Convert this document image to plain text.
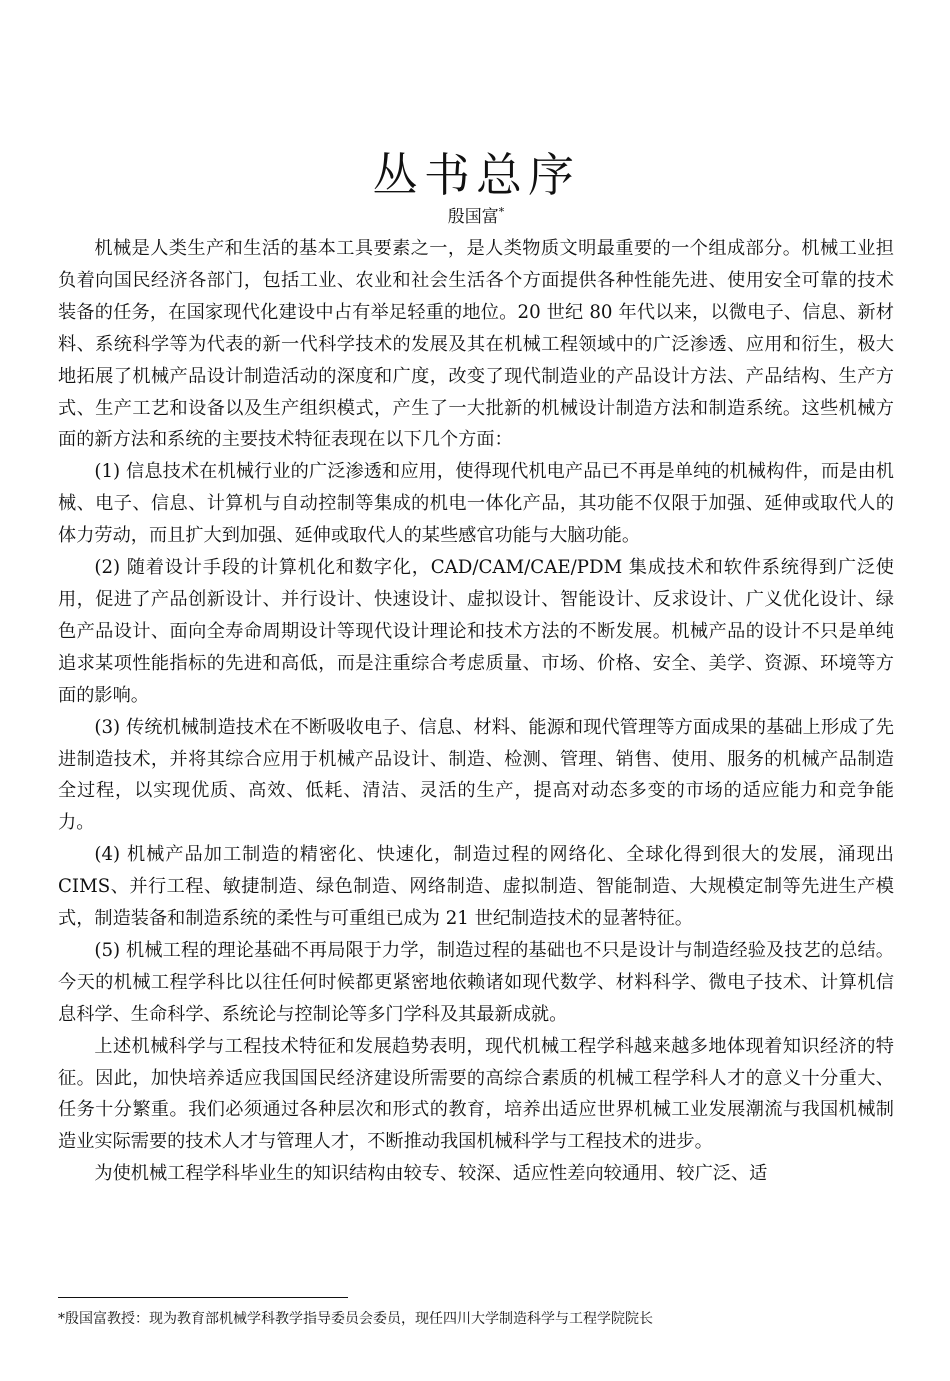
丛书总序
殷国富*

机械是人类生产和生活的基本工具要素之一，是人类物质文明最重要的一个组成部分。机械工业担负着向国民经济各部门，包括工业、农业和社会生活各个方面提供各种性能先进、使用安全可靠的技术装备的任务，在国家现代化建设中占有举足轻重的地位。20 世纪 80 年代以来，以微电子、信息、新材料、系统科学等为代表的新一代科学技术的发展及其在机械工程领域中的广泛渗透、应用和衍生，极大地拓展了机械产品设计制造活动的深度和广度，改变了现代制造业的产品设计方法、产品结构、生产方式、生产工艺和设备以及生产组织模式，产生了一大批新的机械设计制造方法和制造系统。这些机械方面的新方法和系统的主要技术特征表现在以下几个方面：

(1) 信息技术在机械行业的广泛渗透和应用，使得现代机电产品已不再是单纯的机械构件，而是由机械、电子、信息、计算机与自动控制等集成的机电一体化产品，其功能不仅限于加强、延伸或取代人的体力劳动，而且扩大到加强、延伸或取代人的某些感官功能与大脑功能。

(2) 随着设计手段的计算机化和数字化，CAD/CAM/CAE/PDM 集成技术和软件系统得到广泛使用，促进了产品创新设计、并行设计、快速设计、虚拟设计、智能设计、反求设计、广义优化设计、绿色产品设计、面向全寿命周期设计等现代设计理论和技术方法的不断发展。机械产品的设计不只是单纯追求某项性能指标的先进和高低，而是注重综合考虑质量、市场、价格、安全、美学、资源、环境等方面的影响。

(3) 传统机械制造技术在不断吸收电子、信息、材料、能源和现代管理等方面成果的基础上形成了先进制造技术，并将其综合应用于机械产品设计、制造、检测、管理、销售、使用、服务的机械产品制造全过程，以实现优质、高效、低耗、清洁、灵活的生产，提高对动态多变的市场的适应能力和竞争能力。

(4) 机械产品加工制造的精密化、快速化，制造过程的网络化、全球化得到很大的发展，涌现出 CIMS、并行工程、敏捷制造、绿色制造、网络制造、虚拟制造、智能制造、大规模定制等先进生产模式，制造装备和制造系统的柔性与可重组已成为 21 世纪制造技术的显著特征。

(5) 机械工程的理论基础不再局限于力学，制造过程的基础也不只是设计与制造经验及技艺的总结。今天的机械工程学科比以往任何时候都更紧密地依赖诸如现代数学、材料科学、微电子技术、计算机信息科学、生命科学、系统论与控制论等多门学科及其最新成就。

上述机械科学与工程技术特征和发展趋势表明，现代机械工程学科越来越多地体现着知识经济的特征。因此，加快培养适应我国国民经济建设所需要的高综合素质的机械工程学科人才的意义十分重大、任务十分繁重。我们必须通过各种层次和形式的教育，培养出适应世界机械工业发展潮流与我国机械制造业实际需要的技术人才与管理人才，不断推动我国机械科学与工程技术的进步。

为使机械工程学科毕业生的知识结构由较专、较深、适应性差向较通用、较广泛、适

*殷国富教授：现为教育部机械学科教学指导委员会委员，现任四川大学制造科学与工程学院院长
